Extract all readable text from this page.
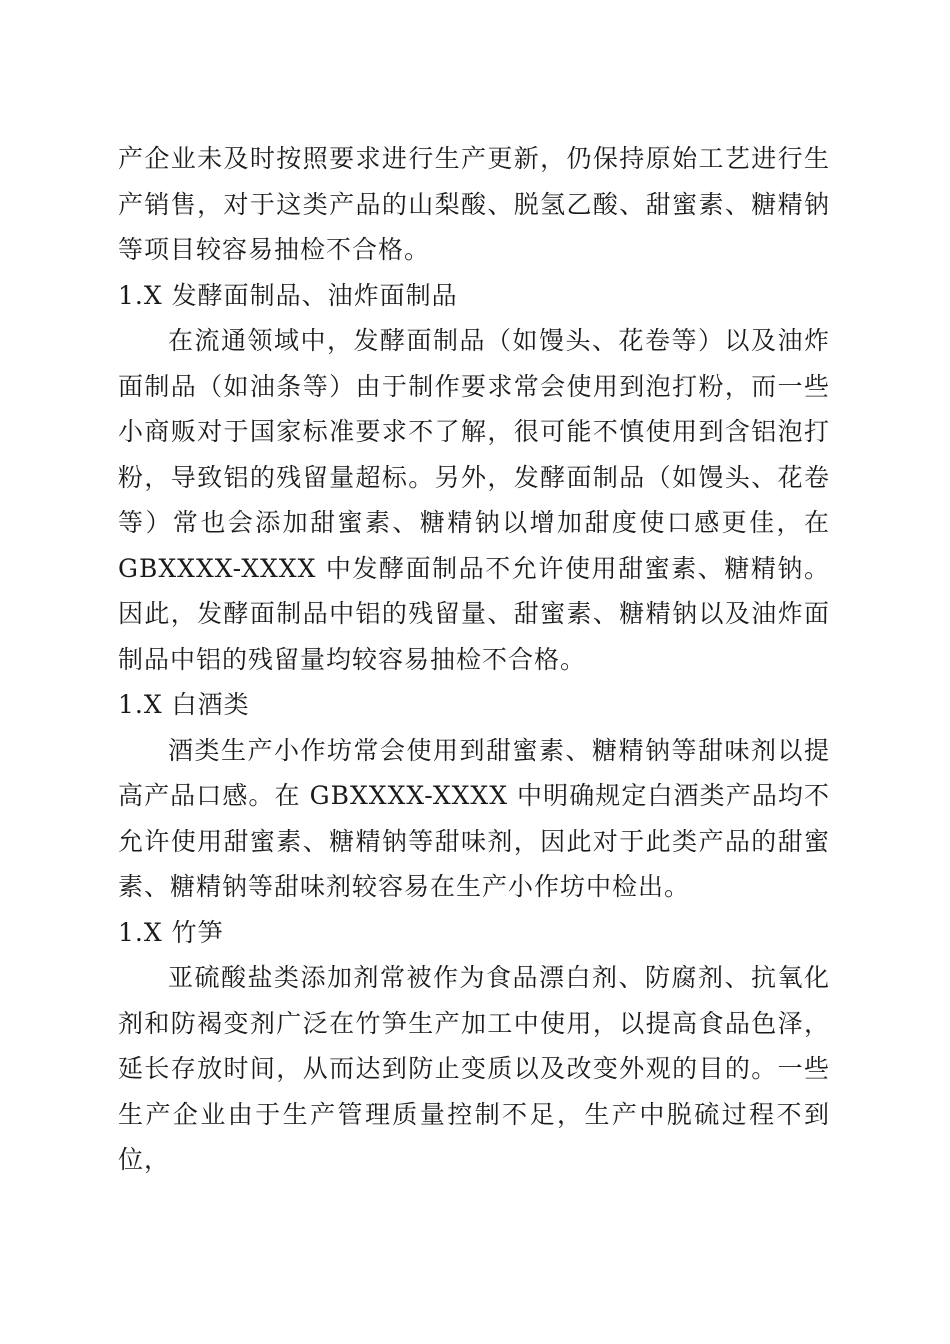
产企业未及时按照要求进行生产更新，仍保持原始工艺进行生产销售，对于这类产品的山梨酸、脱氢乙酸、甜蜜素、糖精钠等项目较容易抽检不合格。

1.X 发酵面制品、油炸面制品

在流通领域中，发酵面制品（如馒头、花卷等）以及油炸面制品（如油条等）由于制作要求常会使用到泡打粉，而一些小商贩对于国家标准要求不了解，很可能不慎使用到含铝泡打粉，导致铝的残留量超标。另外，发酵面制品（如馒头、花卷等）常也会添加甜蜜素、糖精钠以增加甜度使口感更佳，在 GBXXXX-XXXX 中发酵面制品不允许使用甜蜜素、糖精钠。因此，发酵面制品中铝的残留量、甜蜜素、糖精钠以及油炸面制品中铝的残留量均较容易抽检不合格。

1.X 白酒类

酒类生产小作坊常会使用到甜蜜素、糖精钠等甜味剂以提高产品口感。在 GBXXXX-XXXX 中明确规定白酒类产品均不允许使用甜蜜素、糖精钠等甜味剂，因此对于此类产品的甜蜜素、糖精钠等甜味剂较容易在生产小作坊中检出。

1.X 竹笋

亚硫酸盐类添加剂常被作为食品漂白剂、防腐剂、抗氧化剂和防褐变剂广泛在竹笋生产加工中使用，以提高食品色泽，延长存放时间，从而达到防止变质以及改变外观的目的。一些生产企业由于生产管理质量控制不足，生产中脱硫过程不到位，
